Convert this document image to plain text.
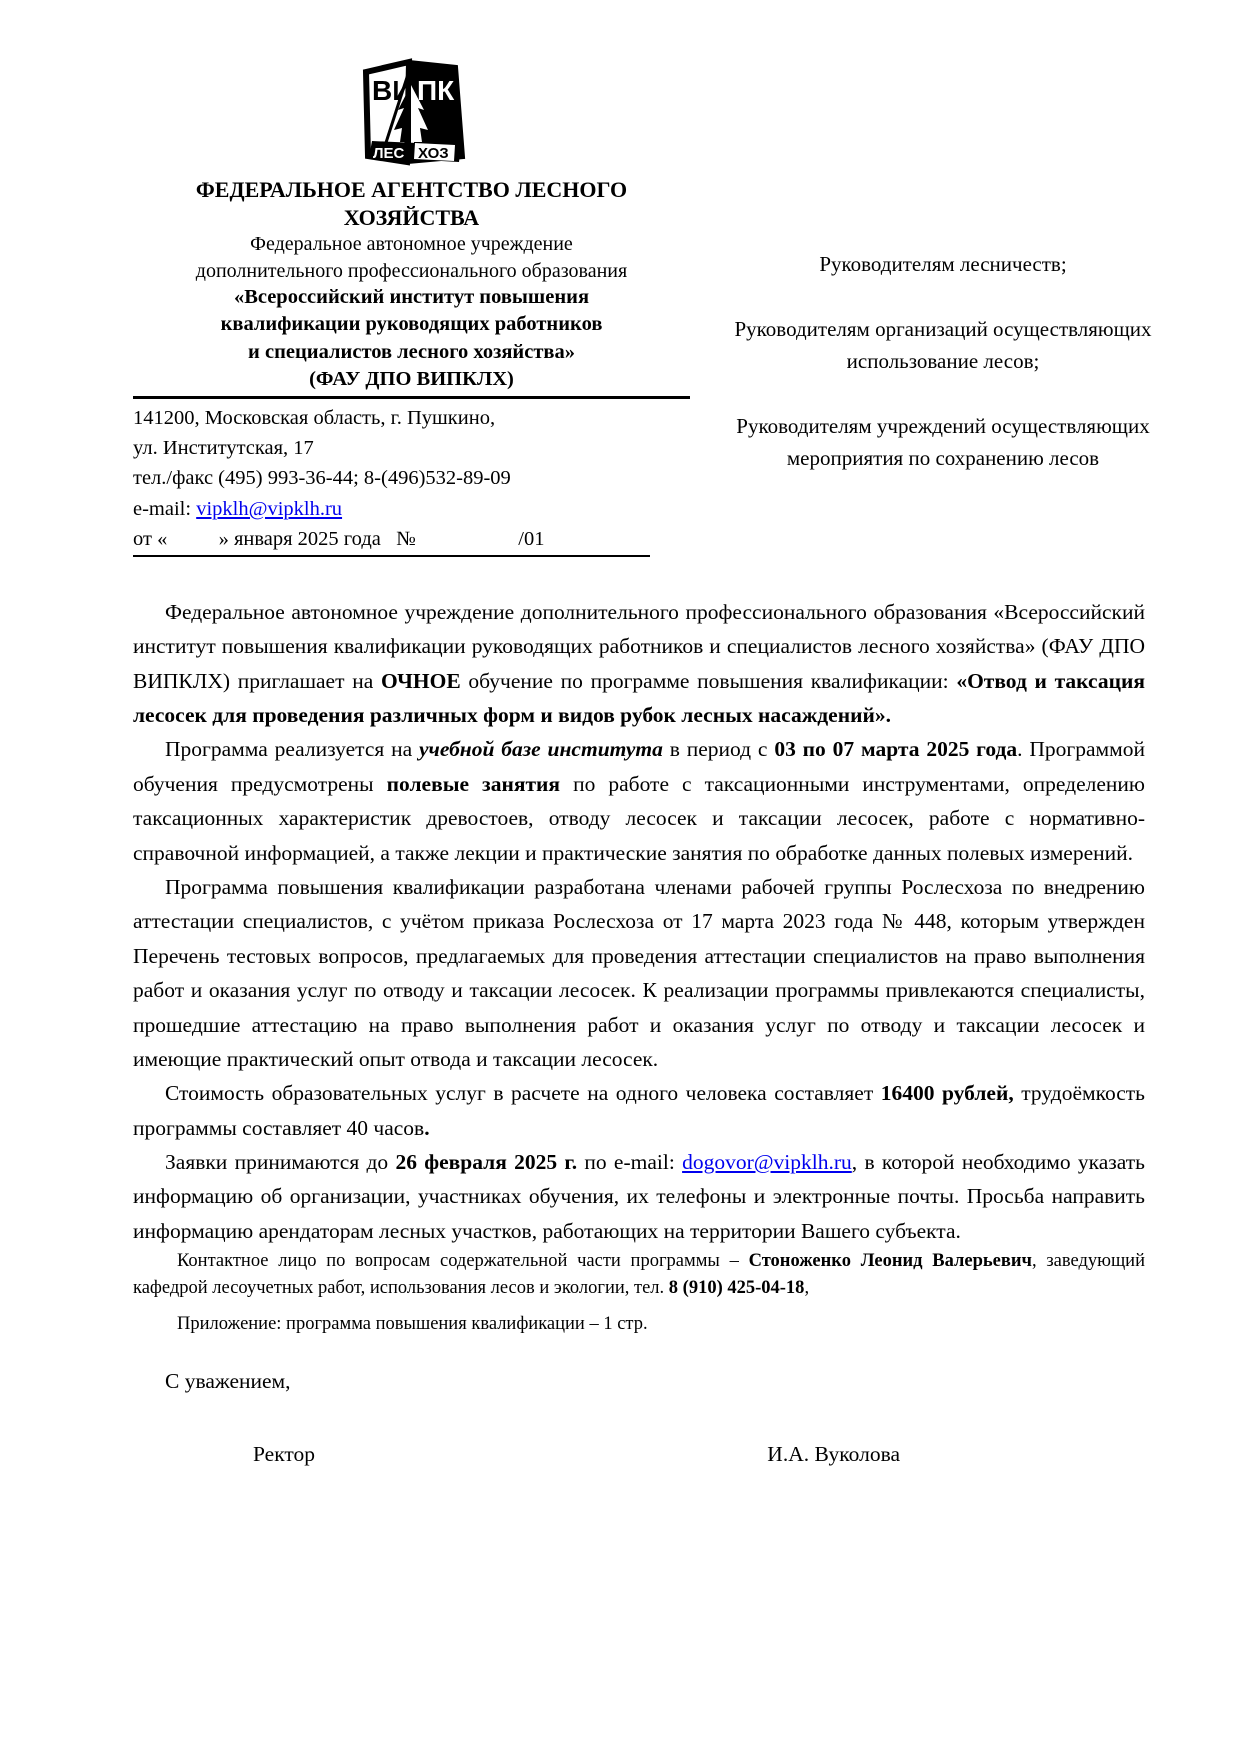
ЛЕС ХОЗ
ВИ ПК
ФЕДЕРАЛЬНОЕ АГЕНТСТВО ЛЕСНОГО ХОЗЯЙСТВА
Федеральное автономное учреждение
дополнительного профессионального образования
«Всероссийский институт повышения
квалификации руководящих работников
и специалистов лесного хозяйства»
(ФАУ ДПО ВИПКЛХ)
141200, Московская область, г. Пушкино,
ул. Институтская, 17
тел./факс (495) 993-36-44; 8-(496)532-89-09
e-mail: vipklh@vipklh.ru
от «          » января 2025 года   №                    /01
Руководителям лесничеств;
Руководителям организаций осуществляющих использование лесов;
Руководителям учреждений осуществляющих мероприятия по сохранению лесов

Федеральное автономное учреждение дополнительного профессионального образования «Всероссийский институт повышения квалификации руководящих работников и специалистов лесного хозяйства» (ФАУ ДПО ВИПКЛХ) приглашает на ОЧНОЕ обучение по программе повышения квалификации: «Отвод и таксация лесосек для проведения различных форм и видов рубок лесных насаждений».

Программа реализуется на учебной базе института в период с 03 по 07 марта 2025 года. Программой обучения предусмотрены полевые занятия по работе с таксационными инструментами, определению таксационных характеристик древостоев, отводу лесосек и таксации лесосек, работе с нормативно-справочной информацией, а также лекции и практические занятия по обработке данных полевых измерений.

Программа повышения квалификации разработана членами рабочей группы Рослесхоза по внедрению аттестации специалистов, с учётом приказа Рослесхоза от 17 марта 2023 года № 448, которым утвержден Перечень тестовых вопросов, предлагаемых для проведения аттестации специалистов на право выполнения работ и оказания услуг по отводу и таксации лесосек. К реализации программы привлекаются специалисты, прошедшие аттестацию на право выполнения работ и оказания услуг по отводу и таксации лесосек и имеющие практический опыт отвода и таксации лесосек.

Стоимость образовательных услуг в расчете на одного человека составляет 16400 рублей, трудоёмкость программы составляет 40 часов.

Заявки принимаются до 26 февраля 2025 г. по e-mail: dogovor@vipklh.ru, в которой необходимо указать информацию об организации, участниках обучения, их телефоны и электронные почты. Просьба направить информацию арендаторам лесных участков, работающих на территории Вашего субъекта.

Контактное лицо по вопросам содержательной части программы – Стоноженко Леонид Валерьевич, заведующий кафедрой лесоучетных работ, использования лесов и экологии, тел. 8 (910) 425-04-18,

Приложение: программа повышения квалификации – 1 стр.

С уважением,
Ректор	И.А. Вуколова
